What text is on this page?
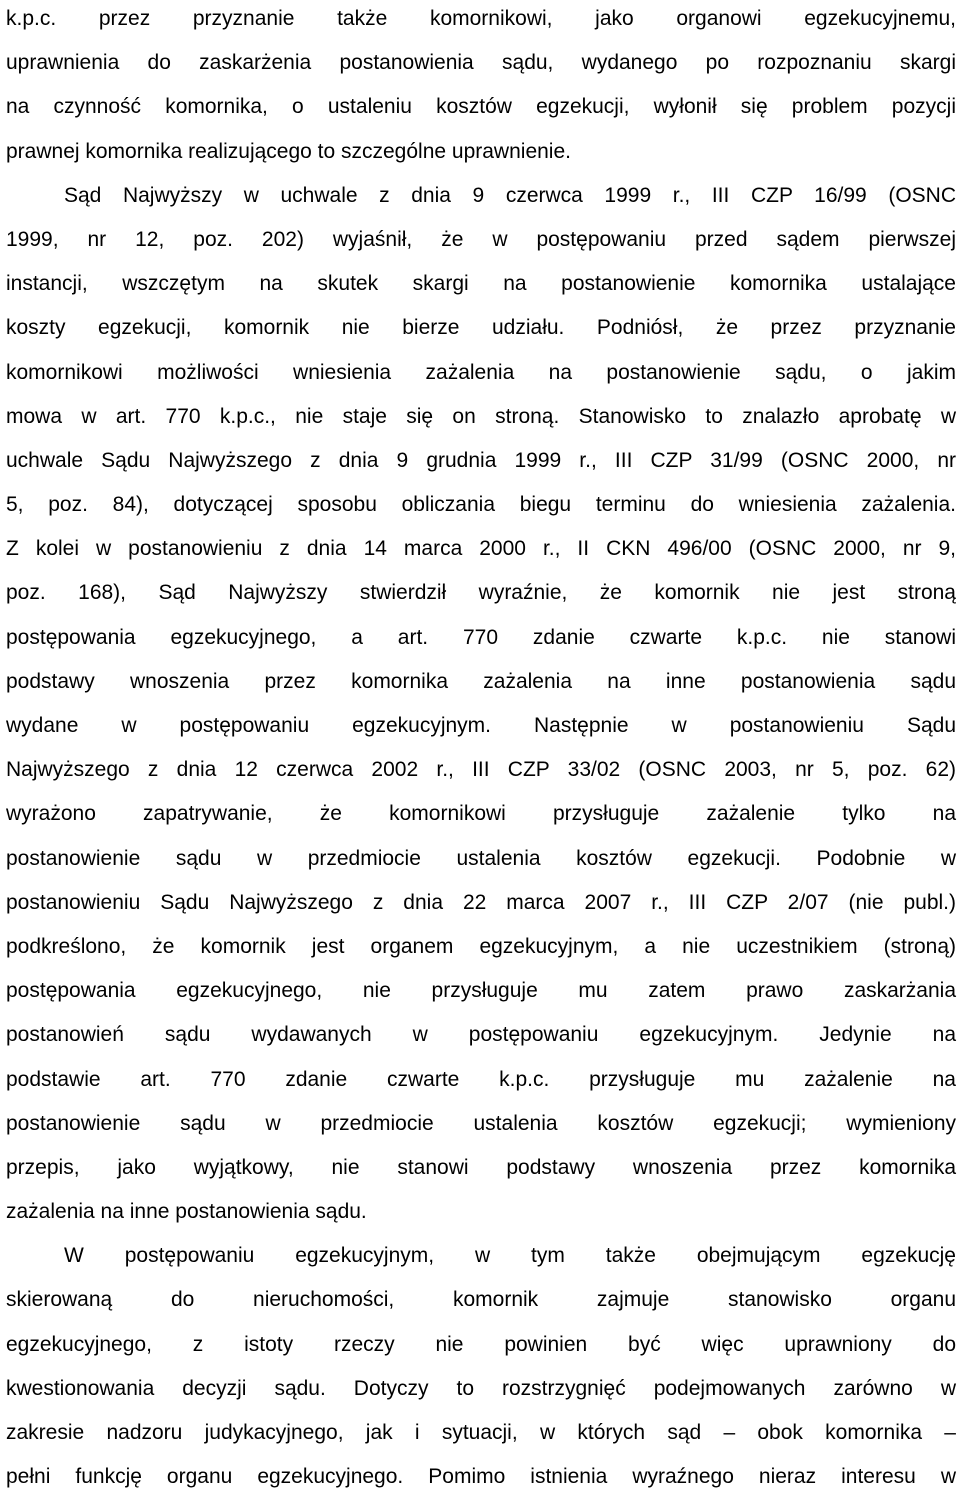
k.p.c. przez przyznanie także komornikowi, jako organowi egzekucyjnemu,
uprawnienia do zaskarżenia postanowienia sądu, wydanego po rozpoznaniu skargi
na czynność komornika, o ustaleniu kosztów egzekucji, wyłonił się problem pozycji
prawnej komornika realizującego to szczególne uprawnienie.
Sąd Najwyższy w uchwale z dnia 9 czerwca 1999 r., III CZP 16/99 (OSNC
1999, nr 12, poz. 202) wyjaśnił, że w postępowaniu przed sądem pierwszej
instancji, wszczętym na skutek skargi na postanowienie komornika ustalające
koszty egzekucji, komornik nie bierze udziału. Podniósł, że przez przyznanie
komornikowi możliwości wniesienia zażalenia na postanowienie sądu, o jakim
mowa w art. 770 k.p.c., nie staje się on stroną. Stanowisko to znalazło aprobatę w
uchwale Sądu Najwyższego z dnia 9 grudnia 1999 r., III CZP 31/99 (OSNC 2000, nr
5, poz. 84), dotyczącej sposobu obliczania biegu terminu do wniesienia zażalenia.
Z kolei w postanowieniu z dnia 14 marca 2000 r., II CKN 496/00 (OSNC 2000, nr 9,
poz. 168), Sąd Najwyższy stwierdził wyraźnie, że komornik nie jest stroną
postępowania egzekucyjnego, a art. 770 zdanie czwarte k.p.c. nie stanowi
podstawy wnoszenia przez komornika zażalenia na inne postanowienia sądu
wydane w postępowaniu egzekucyjnym. Następnie w postanowieniu Sądu
Najwyższego z dnia 12 czerwca 2002 r., III CZP 33/02 (OSNC 2003, nr 5, poz. 62)
wyrażono zapatrywanie, że komornikowi przysługuje zażalenie tylko na
postanowienie sądu w przedmiocie ustalenia kosztów egzekucji. Podobnie w
postanowieniu Sądu Najwyższego z dnia 22 marca 2007 r., III CZP 2/07 (nie publ.)
podkreślono, że komornik jest organem egzekucyjnym, a nie uczestnikiem (stroną)
postępowania egzekucyjnego, nie przysługuje mu zatem prawo zaskarżania
postanowień sądu wydawanych w postępowaniu egzekucyjnym. Jedynie na
podstawie art. 770 zdanie czwarte k.p.c. przysługuje mu zażalenie na
postanowienie sądu w przedmiocie ustalenia kosztów egzekucji; wymieniony
przepis, jako wyjątkowy, nie stanowi podstawy wnoszenia przez komornika
zażalenia na inne postanowienia sądu.
W postępowaniu egzekucyjnym, w tym także obejmującym egzekucję
skierowaną do nieruchomości, komornik zajmuje stanowisko organu
egzekucyjnego, z istoty rzeczy nie powinien być więc uprawniony do
kwestionowania decyzji sądu. Dotyczy to rozstrzygnięć podejmowanych zarówno w
zakresie nadzoru judykacyjnego, jak i sytuacji, w których sąd – obok komornika –
pełni funkcję organu egzekucyjnego. Pomimo istnienia wyraźnego nieraz interesu w
